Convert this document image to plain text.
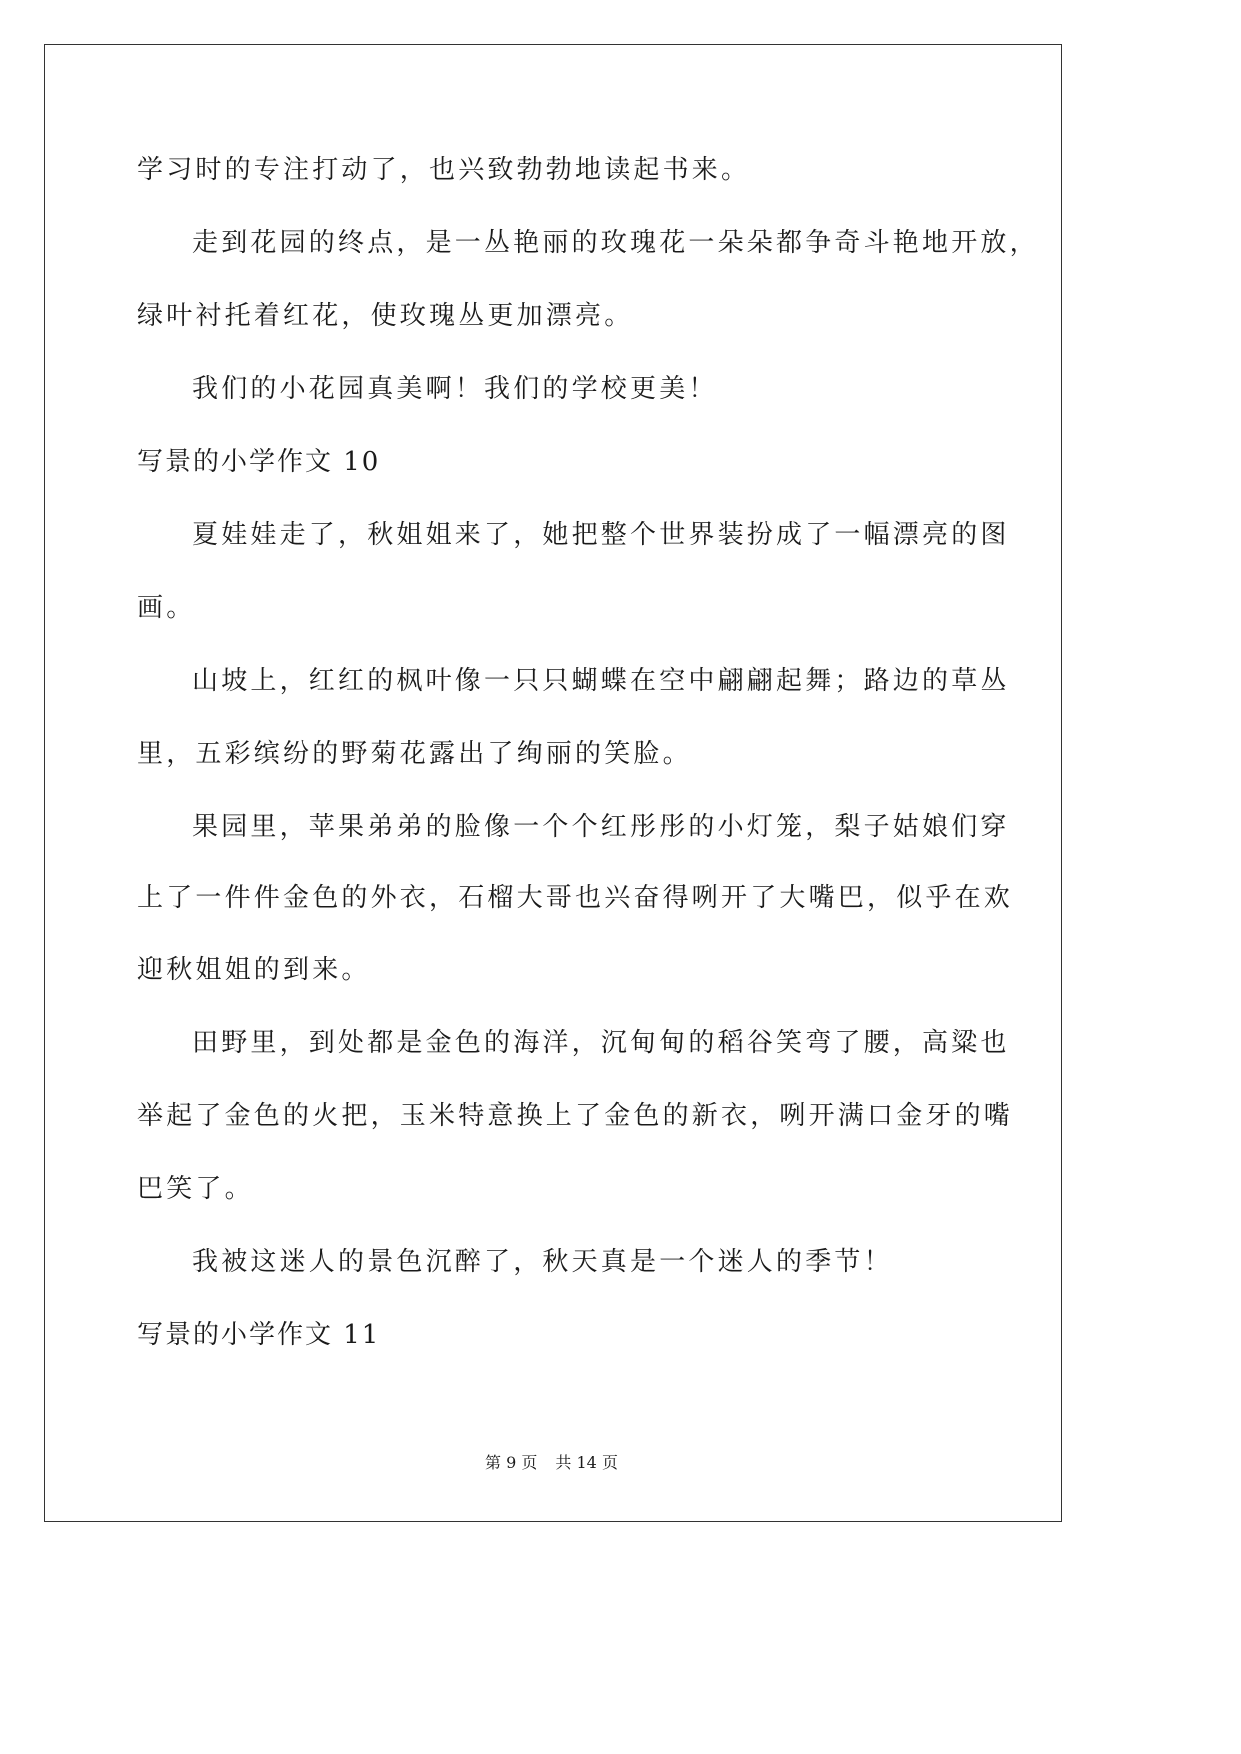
学习时的专注打动了，也兴致勃勃地读起书来。
走到花园的终点，是一丛艳丽的玫瑰花一朵朵都争奇斗艳地开放，
绿叶衬托着红花，使玫瑰丛更加漂亮。
我们的小花园真美啊！我们的学校更美！
写景的小学作文 10
夏娃娃走了，秋姐姐来了，她把整个世界装扮成了一幅漂亮的图
画。
山坡上，红红的枫叶像一只只蝴蝶在空中翩翩起舞；路边的草丛
里，五彩缤纷的野菊花露出了绚丽的笑脸。
果园里，苹果弟弟的脸像一个个红彤彤的小灯笼，梨子姑娘们穿
上了一件件金色的外衣，石榴大哥也兴奋得咧开了大嘴巴，似乎在欢
迎秋姐姐的到来。
田野里，到处都是金色的海洋，沉甸甸的稻谷笑弯了腰，高粱也
举起了金色的火把，玉米特意换上了金色的新衣，咧开满口金牙的嘴
巴笑了。
我被这迷人的景色沉醉了，秋天真是一个迷人的季节！
写景的小学作文 11
第 9 页 共 14 页
